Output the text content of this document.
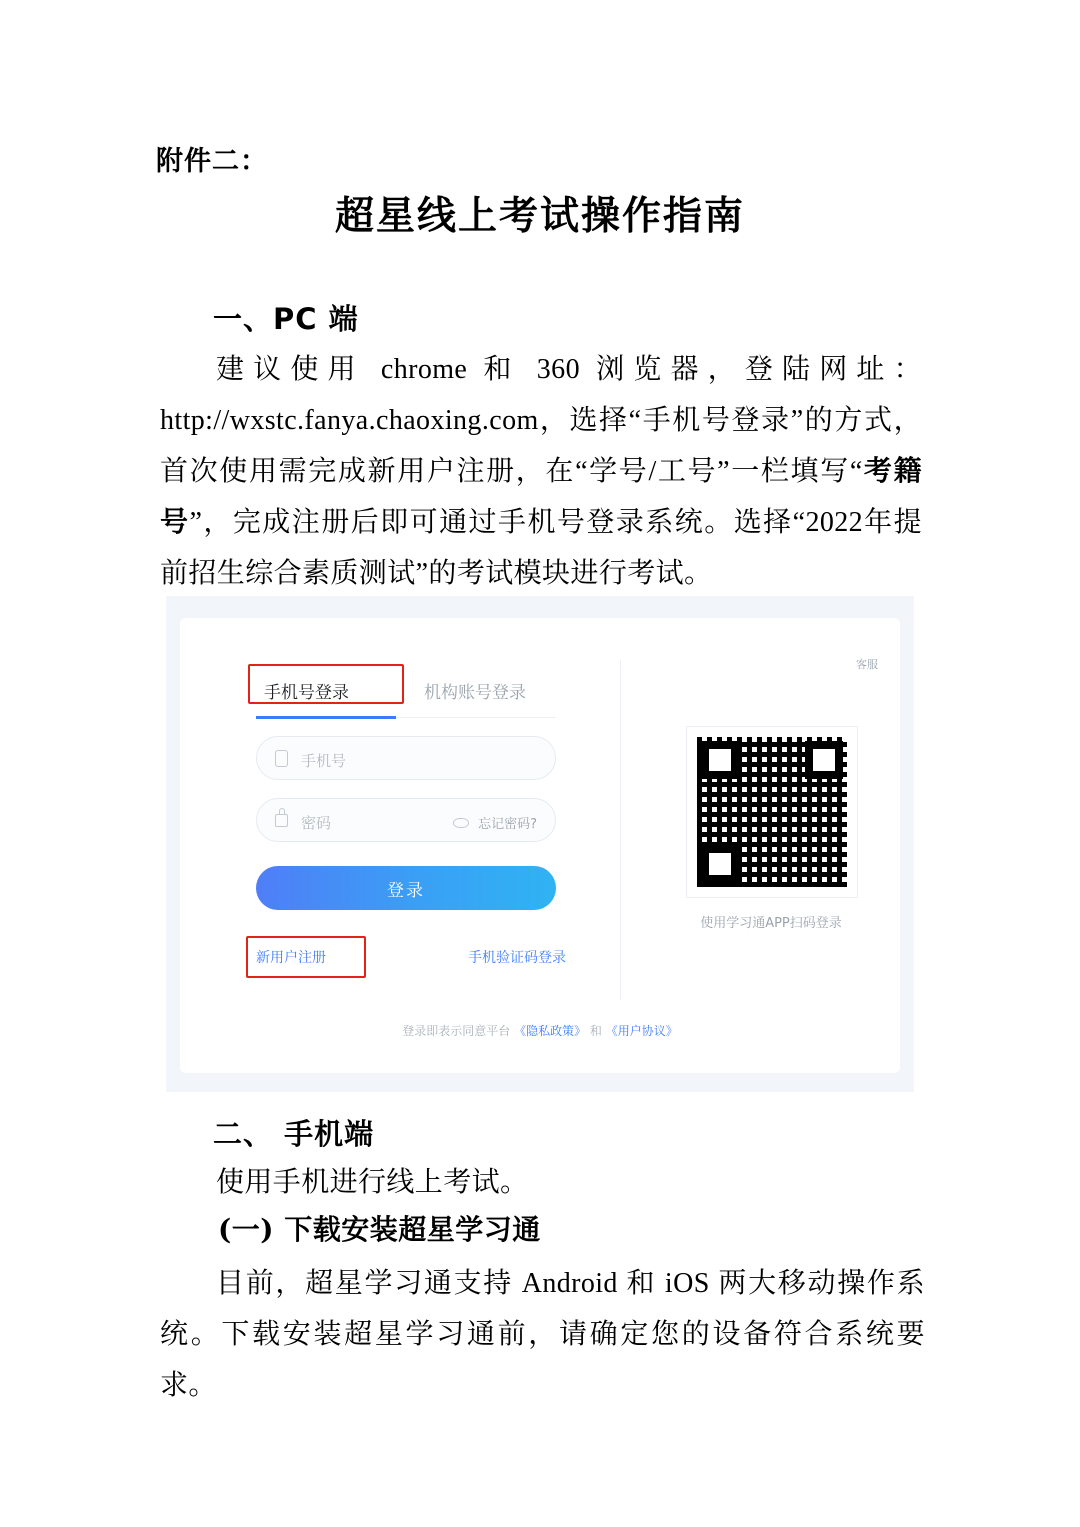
附件二：
超星线上考试操作指南
一、PC 端
建议使用 chrome 和 360 浏览器，登陆网址：http://wxstc.fanya.chaoxing.com，选择“手机号登录”的方式，首次使用需完成新用户注册，在“学号/工号”一栏填写“考籍号”，完成注册后即可通过手机号登录系统。选择“2022年提前招生综合素质测试”的考试模块进行考试。
客服
手机号登录	机构账号登录
手机号
密码	忘记密码?
登录
新用户注册	手机验证码登录
使用学习通APP扫码登录
登录即表示同意平台 《隐私政策》 和 《用户协议》
二、 手机端
使用手机进行线上考试。
(一) 下载安装超星学习通
目前，超星学习通支持 Android 和 iOS 两大移动操作系统。下载安装超星学习通前，请确定您的设备符合系统要求。
